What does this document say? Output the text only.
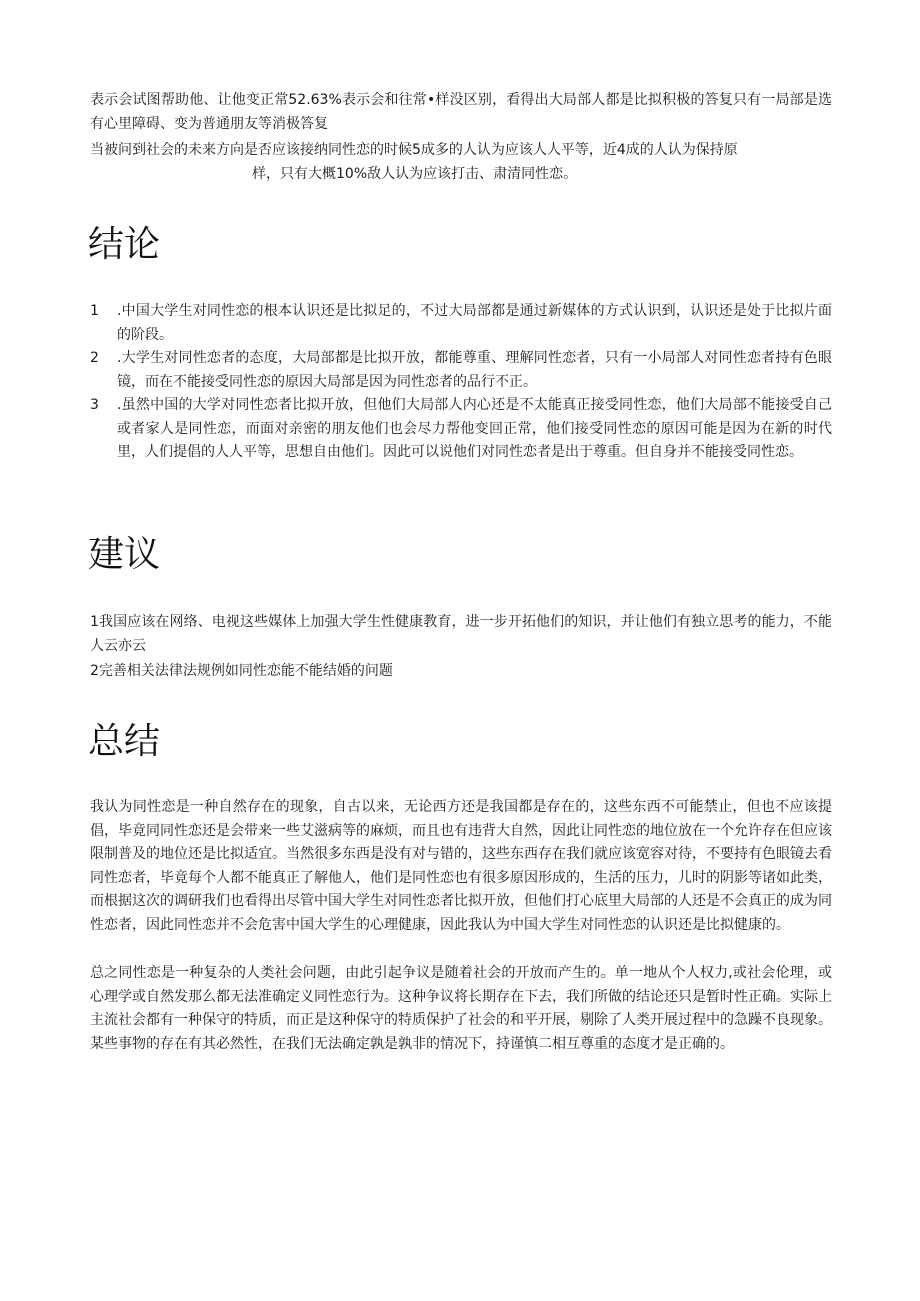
表示会试图帮助他、让他变正常52.63%表示会和往常•样没区别，看得出大局部人都是比拟积极的答复只有一局部是选有心里障碍、变为普通朋友等消极答复

当被问到社会的未来方向是否应该接纳同性恋的时候5成多的人认为应该人人平等，近4成的人认为保持原
样，只有大概10%敌人认为应该打击、肃清同性恋。

结论
1	.中国大学生对同性恋的根本认识还是比拟足的，不过大局部都是通过新媒体的方式认识到，认识还是处于比拟片面的阶段。
2	.大学生对同性恋者的态度，大局部都是比拟开放，都能尊重、理解同性恋者，只有一小局部人对同性恋者持有色眼镜，而在不能接受同性恋的原因大局部是因为同性恋者的品行不正。
3	.虽然中国的大学对同性恋者比拟开放，但他们大局部人内心还是不太能真正接受同性恋，他们大局部不能接受自己或者家人是同性恋，而面对亲密的朋友他们也会尽力帮他变回正常，他们接受同性恋的原因可能是因为在新的时代里，人们提倡的人人平等，思想自由他们。因此可以说他们对同性恋者是出于尊重。但自身并不能接受同性恋。
建议

1我国应该在网络、电视这些媒体上加强大学生性健康教育，进一步开拓他们的知识，并让他们有独立思考的能力，不能人云亦云

2完善相关法律法规例如同性恋能不能结婚的问题

总结

我认为同性恋是一种自然存在的现象，自古以来，无论西方还是我国都是存在的，这些东西不可能禁止，但也不应该提倡，毕竟同同性恋还是会带来一些艾滋病等的麻烦，而且也有违背大自然，因此让同性恋的地位放在一个允许存在但应该限制普及的地位还是比拟适宜。当然很多东西是没有对与错的，这些东西存在我们就应该宽容对待，不要持有色眼镜去看同性恋者，毕竟每个人都不能真正了解他人，他们是同性恋也有很多原因形成的，生活的压力，儿时的阴影等诸如此类，而根据这次的调研我们也看得出尽管中国大学生对同性恋者比拟开放，但他们打心底里大局部的人还是不会真正的成为同性恋者，因此同性恋并不会危害中国大学生的心理健康，因此我认为中国大学生对同性恋的认识还是比拟健康的。

总之同性恋是一种复杂的人类社会问题，由此引起争议是随着社会的开放而产生的。单一地从个人权力,或社会伦理，或心理学或自然发那么都无法准确定义同性恋行为。这种争议将长期存在下去，我们所做的结论还只是暂时性正确。实际上主流社会都有一种保守的特质，而正是这种保守的特质保护了社会的和平开展，剔除了人类开展过程中的急躁不良现象。某些事物的存在有其必然性，在我们无法确定孰是孰非的情况下，持谨慎二相互尊重的态度才是正确的。
